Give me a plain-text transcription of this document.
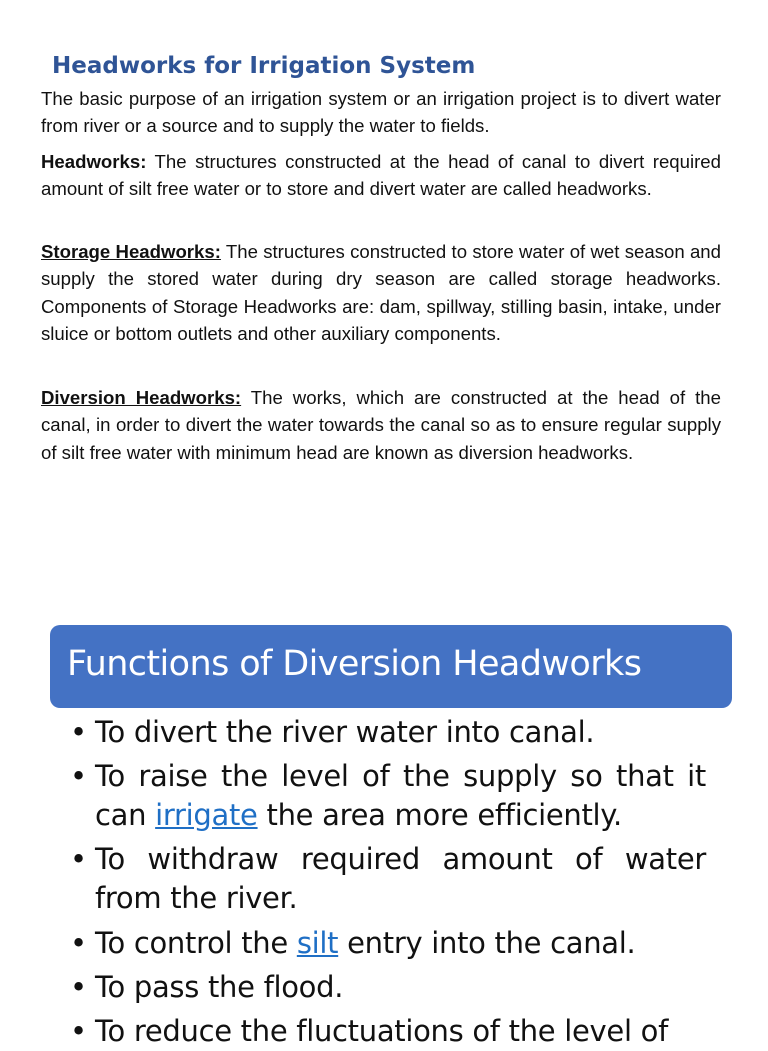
Headworks for Irrigation System

The basic purpose of an irrigation system or an irrigation project is to divert water from river or a source and to supply the water to fields.

Headworks: The structures constructed at the head of canal to divert required amount of silt free water or to store and divert water are called headworks.

Storage Headworks: The structures constructed to store water of wet season and supply the stored water during dry season are called storage headworks. Components of Storage Headworks are: dam, spillway, stilling basin, intake, under sluice or bottom outlets and other auxiliary components.

Diversion Headworks: The works, which are constructed at the head of the canal, in order to divert the water towards the canal so as to ensure regular supply of silt free water with minimum head are known as diversion headworks.

Functions of Diversion Headworks
• To divert the river water into canal.
• To raise the level of the supply so that it can irrigate the area more efficiently.
• To withdraw required amount of water from the river.
• To control the silt entry into the canal.
• To pass the flood.
• To reduce the fluctuations of the level of
